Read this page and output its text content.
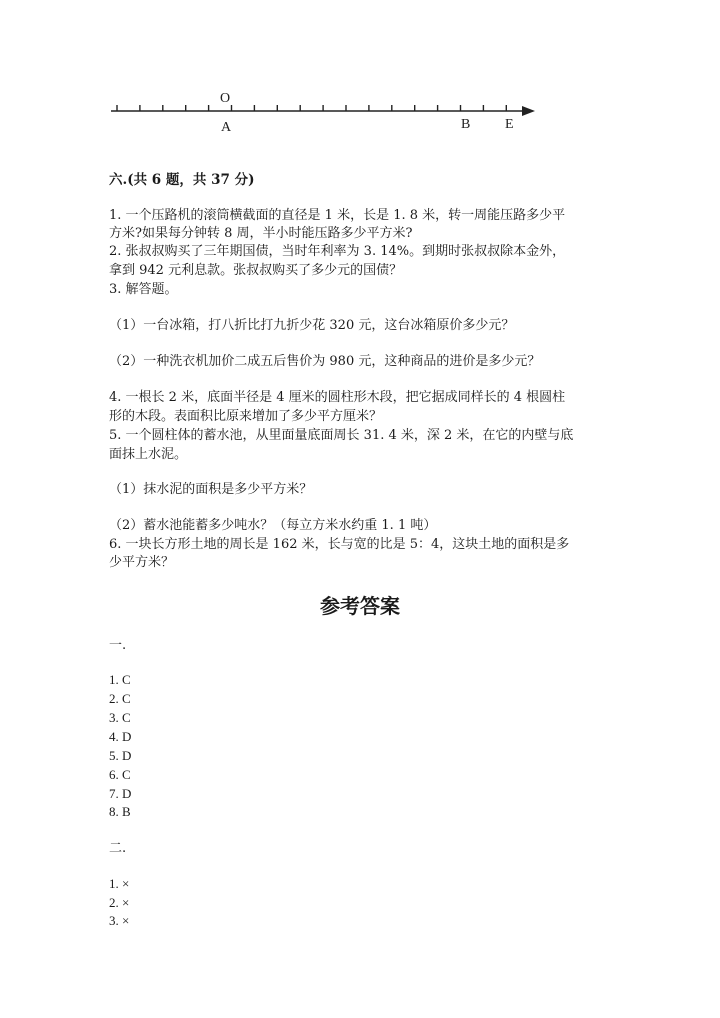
O
A	B E
六.(共 6 题，共 37 分)
1. 一个压路机的滚筒横截面的直径是 1 米，长是 1. 8 米，转一周能压路多少平
方米?如果每分钟转 8 周，半小时能压路多少平方米?
2. 张叔叔购买了三年期国债，当时年利率为 3. 14%。到期时张叔叔除本金外，
拿到 942 元利息款。张叔叔购买了多少元的国债？
3. 解答题。
（1）一台冰箱，打八折比打九折少花 320 元，这台冰箱原价多少元？
（2）一种洗衣机加价二成五后售价为 980 元，这种商品的进价是多少元？
4. 一根长 2 米，底面半径是 4 厘米的圆柱形木段，把它据成同样长的 4 根圆柱
形的木段。表面积比原来增加了多少平方厘米？
5. 一个圆柱体的蓄水池，从里面量底面周长 31. 4 米，深 2 米，在它的内壁与底
面抹上水泥。
（1）抹水泥的面积是多少平方米？
（2）蓄水池能蓄多少吨水？（每立方米水约重 1. 1 吨）
6. 一块长方形土地的周长是 162 米，长与宽的比是 5：4，这块土地的面积是多
少平方米？
参考答案
一.
1. C
2. C
3. C
4. D
5. D
6. C
7. D
8. B
二.
1. ×
2. ×
3. ×
